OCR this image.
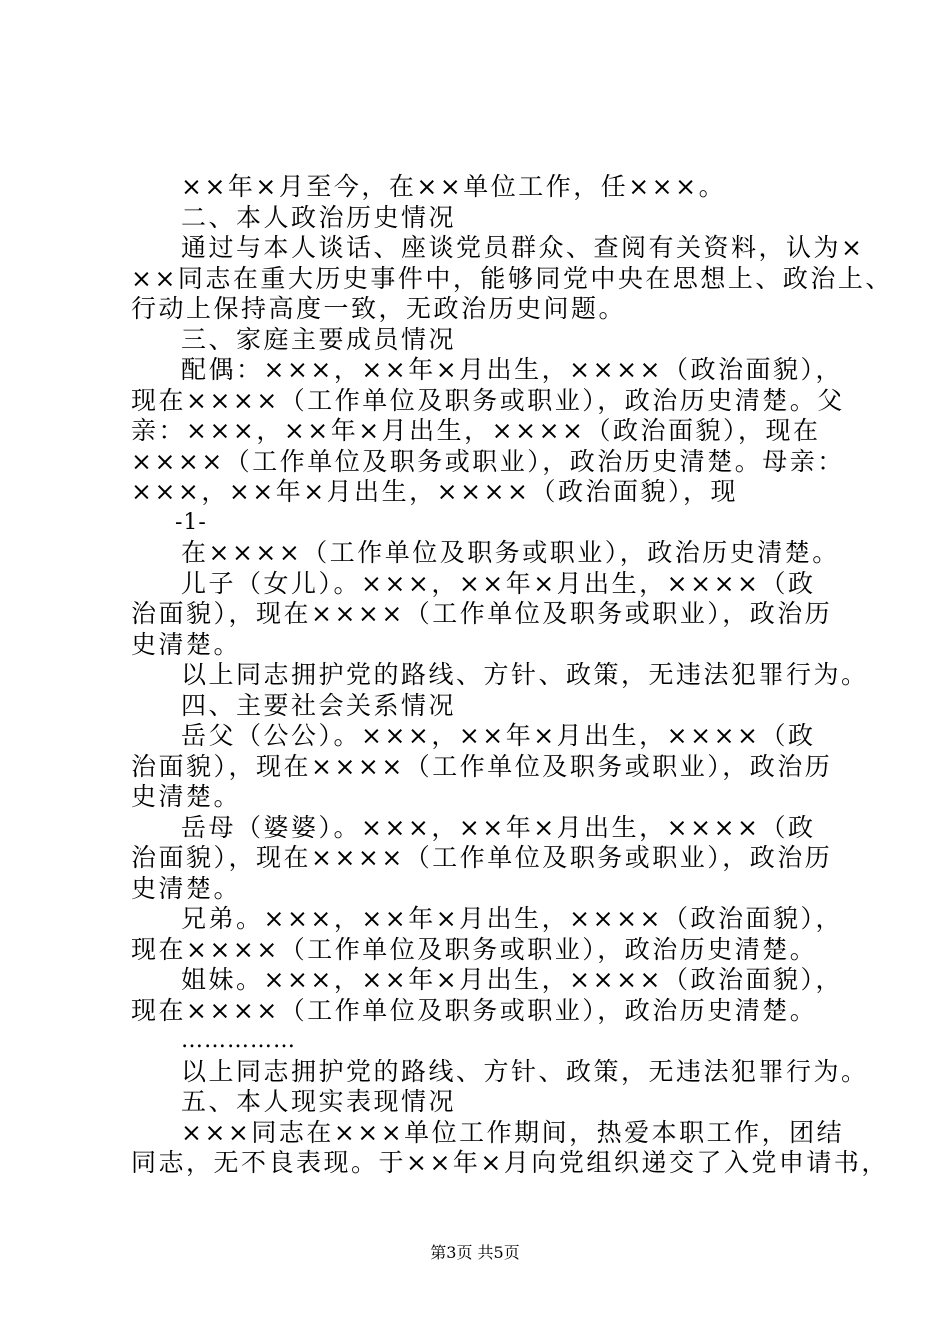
××年×月至今，在××单位工作，任×××。
二、本人政治历史情况
通过与本人谈话、座谈党员群众、查阅有关资料，认为×
××同志在重大历史事件中，能够同党中央在思想上、政治上、
行动上保持高度一致，无政治历史问题。
三、家庭主要成员情况
配偶：×××，××年×月出生，××××（政治面貌），
现在××××（工作单位及职务或职业），政治历史清楚。父
亲：×××，××年×月出生，××××（政治面貌），现在
××××（工作单位及职务或职业），政治历史清楚。母亲：
×××，××年×月出生，××××（政治面貌），现
-1-
在××××（工作单位及职务或职业），政治历史清楚。
儿子（女儿）。×××，××年×月出生，××××（政
治面貌），现在××××（工作单位及职务或职业），政治历
史清楚。
以上同志拥护党的路线、方针、政策，无违法犯罪行为。
四、主要社会关系情况
岳父（公公）。×××，××年×月出生，××××（政
治面貌），现在××××（工作单位及职务或职业），政治历
史清楚。
岳母（婆婆）。×××，××年×月出生，××××（政
治面貌），现在××××（工作单位及职务或职业），政治历
史清楚。
兄弟。×××，××年×月出生，××××（政治面貌），
现在××××（工作单位及职务或职业），政治历史清楚。
姐妹。×××，××年×月出生，××××（政治面貌），
现在××××（工作单位及职务或职业），政治历史清楚。
……………
以上同志拥护党的路线、方针、政策，无违法犯罪行为。
五、本人现实表现情况
×××同志在×××单位工作期间，热爱本职工作，团结
同志，无不良表现。于××年×月向党组织递交了入党申请书，
第3页 共5页
